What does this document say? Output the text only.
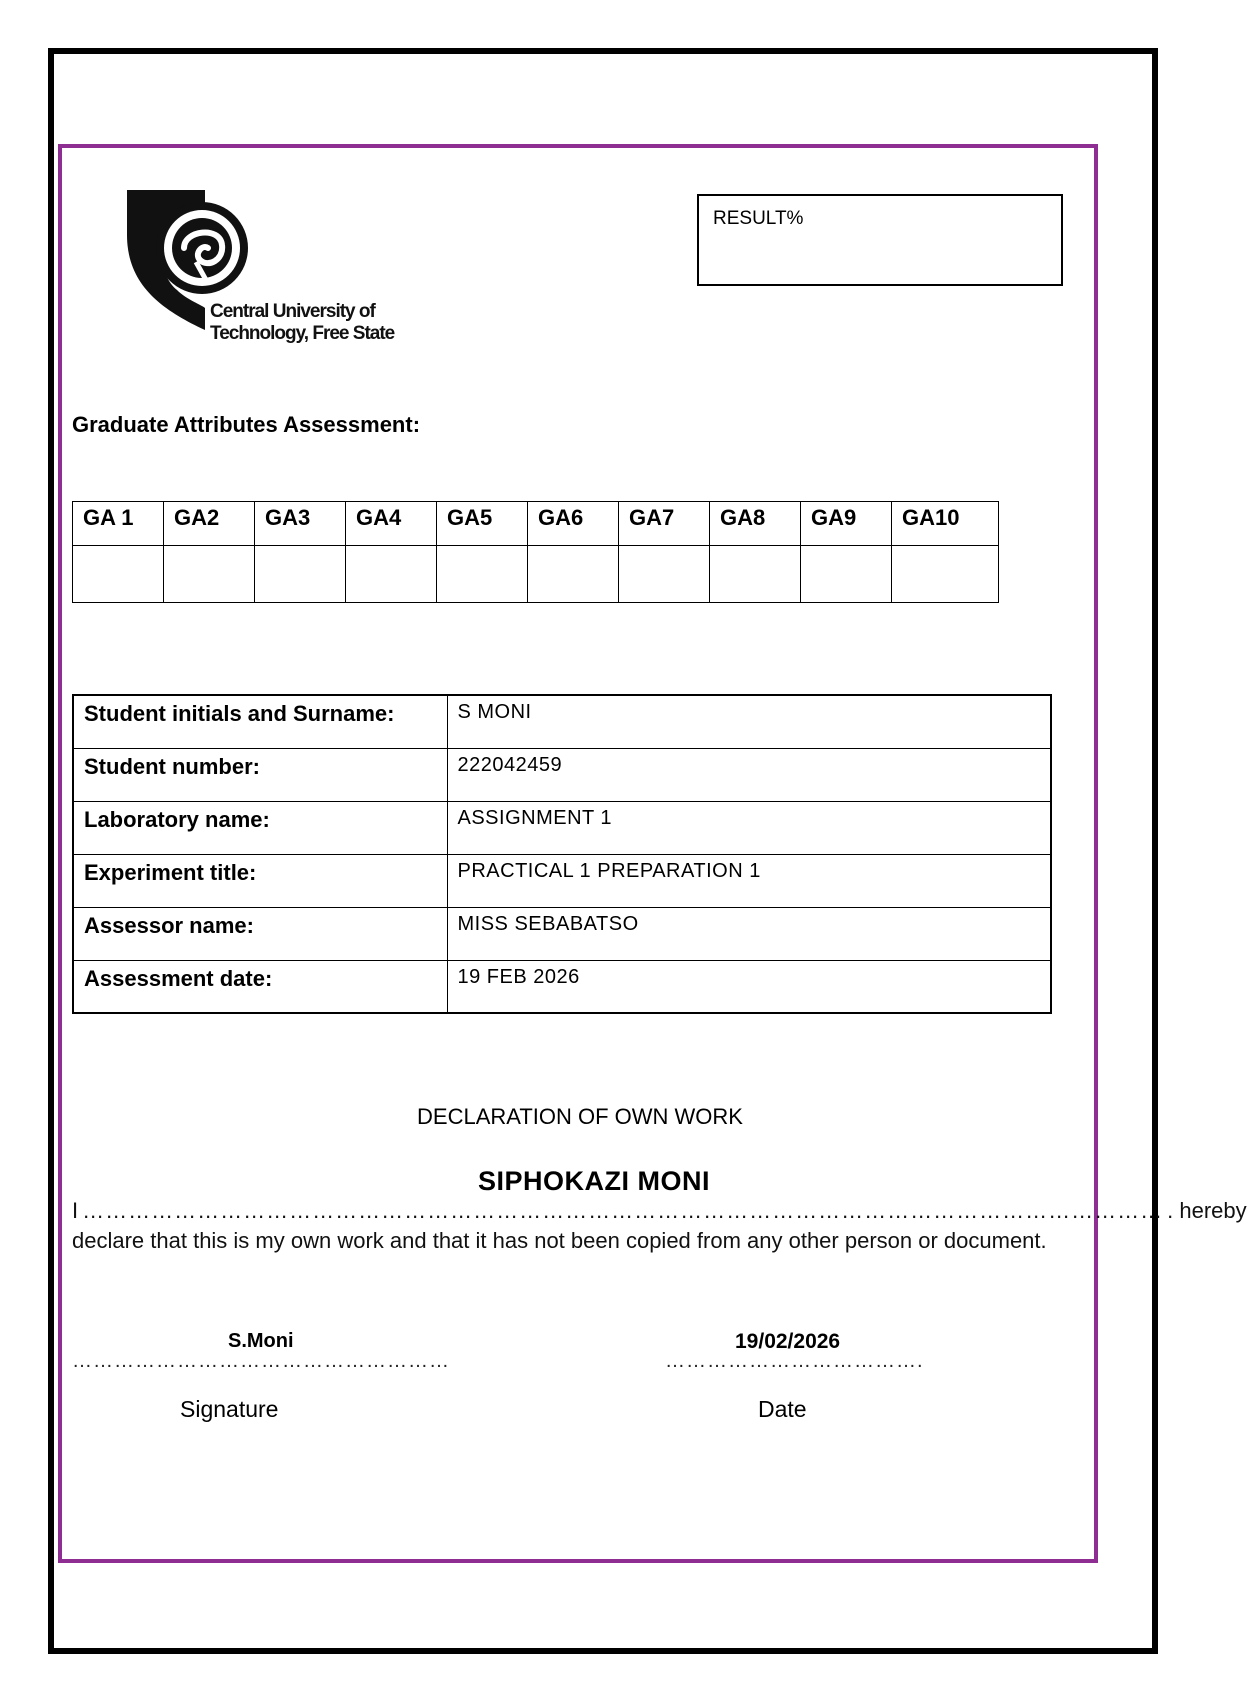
Central University of
Technology, Free State
RESULT%
Graduate Attributes Assessment:
GA 1	GA2	GA3	GA4	GA5	GA6	GA7	GA8	GA9	GA10

Student initials and Surname:	S MONI
Student number:	222042459
Laboratory name:	ASSIGNMENT 1
Experiment title:	PRACTICAL 1 PREPARATION 1
Assessor name:	MISS SEBABATSO
Assessment date:	19 FEB 2026
DECLARATION OF OWN WORK
SIPHOKAZI MONI
I …………………………………………………………………………………………………………………………… . hereby
declare that this is my own work and that it has not been copied from any other person or document.
S.Moni
………………………………………………
Signature
19/02/2026
……………………………….
Date
